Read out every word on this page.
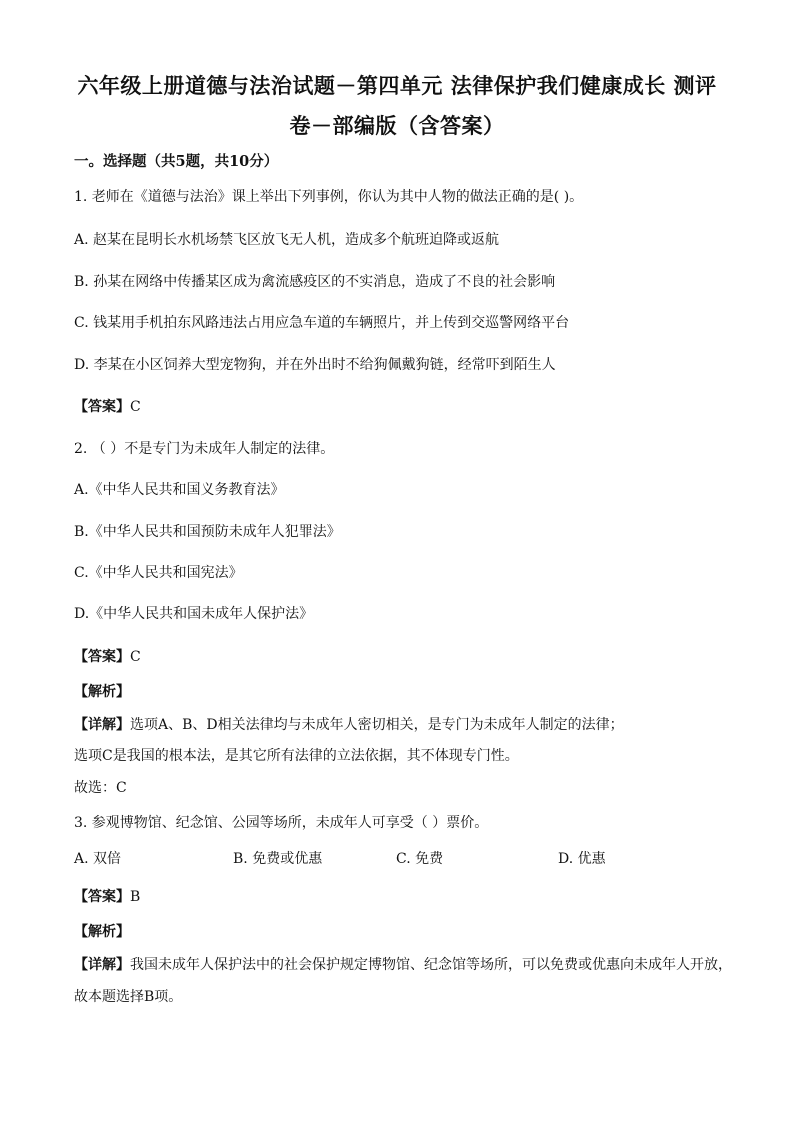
六年级上册道德与法治试题－第四单元 法律保护我们健康成长 测评
卷－部编版（含答案）
一。选择题（共5题，共10分）
1. 老师在《道德与法治》课上举出下列事例，你认为其中人物的做法正确的是( )。
A. 赵某在昆明长水机场禁飞区放飞无人机，造成多个航班迫降或返航
B. 孙某在网络中传播某区成为禽流感疫区的不实消息，造成了不良的社会影响
C. 钱某用手机拍东风路违法占用应急车道的车辆照片，并上传到交巡警网络平台
D. 李某在小区饲养大型宠物狗，并在外出时不给狗佩戴狗链，经常吓到陌生人
【答案】C
2. （ ）不是专门为未成年人制定的法律。
A.《中华人民共和国义务教育法》
B.《中华人民共和国预防未成年人犯罪法》
C.《中华人民共和国宪法》
D.《中华人民共和国未成年人保护法》
【答案】C
【解析】
【详解】选项A、B、D相关法律均与未成年人密切相关，是专门为未成年人制定的法律；
选项C是我国的根本法，是其它所有法律的立法依据，其不体现专门性。
故选：C
3. 参观博物馆、纪念馆、公园等场所，未成年人可享受（ ）票价。
A. 双倍	B. 免费或优惠	C. 免费	D. 优惠
【答案】B
【解析】
【详解】我国未成年人保护法中的社会保护规定博物馆、纪念馆等场所，可以免费或优惠向未成年人开放，
故本题选择B项。
